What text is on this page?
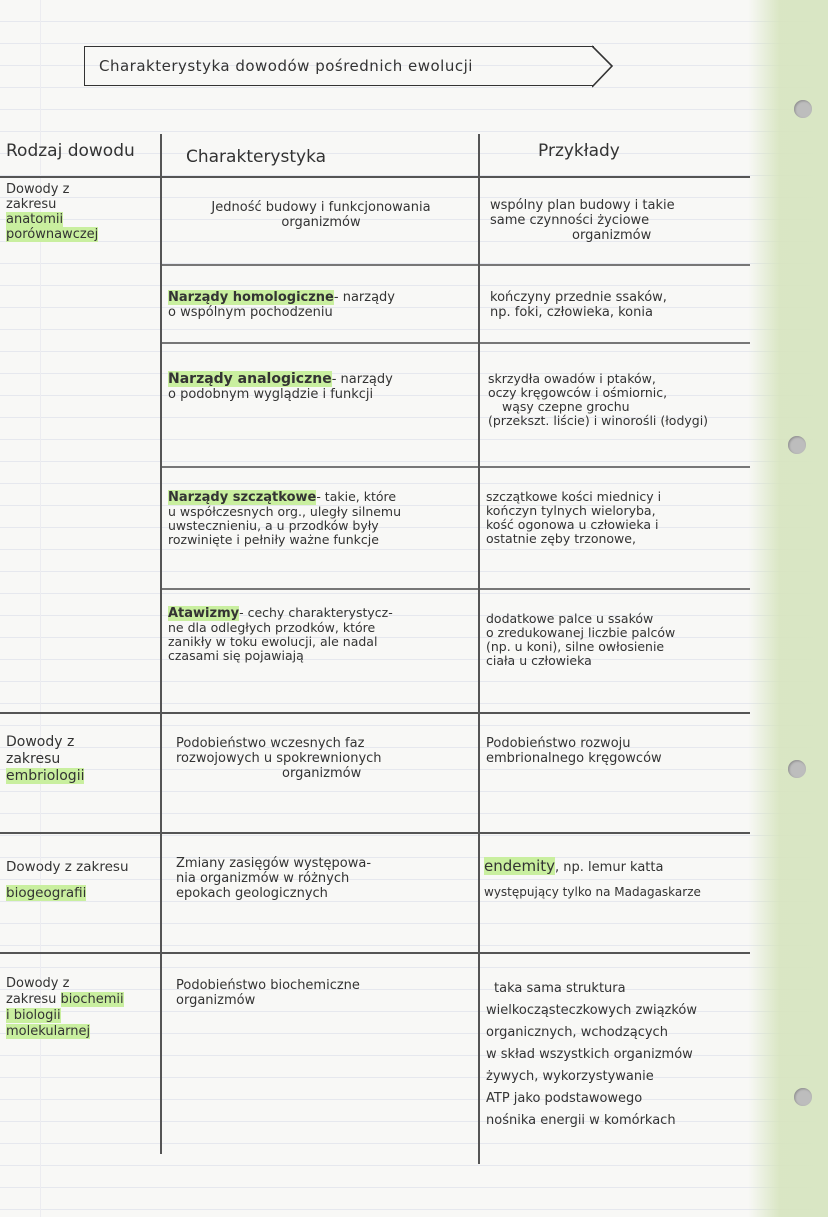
Charakterystyka dowodów pośrednich ewolucji
Rodzaj dowodu	Charakterystyka	Przykłady
Dowody z
zakresu
anatomii
porównawczej
Jedność budowy i funkcjonowania
organizmów
wspólny plan budowy i takie
same czynności życiowe
organizmów
Narządy homologiczne- narządy
o wspólnym pochodzeniu
kończyny przednie ssaków,
np. foki, człowieka, konia
Narządy analogiczne- narządy
o podobnym wyglądzie i funkcji
skrzydła owadów i ptaków,
oczy kręgowców i ośmiornic,
wąsy czepne grochu
(przekszt. liście) i winorośli (łodygi)
Narządy szczątkowe- takie, które
u współczesnych org., uległy silnemu
uwstecznieniu, a u przodków były
rozwinięte i pełniły ważne funkcje
szczątkowe kości miednicy i
kończyn tylnych wieloryba,
kość ogonowa u człowieka i
ostatnie zęby trzonowe,
Atawizmy- cechy charakterystycz-
ne dla odległych przodków, które
zanikły w toku ewolucji, ale nadal
czasami się pojawiają
dodatkowe palce u ssaków
o zredukowanej liczbie palców
(np. u koni), silne owłosienie
ciała u człowieka
Dowody z
zakresu
embriologii
Podobieństwo wczesnych faz
rozwojowych u spokrewnionych
organizmów
Podobieństwo rozwoju
embrionalnego kręgowców
Dowody z zakresu
biogeografii
Zmiany zasięgów występowa-
nia organizmów w różnych
epokach geologicznych
endemity, np. lemur katta
występujący tylko na Madagaskarze
Dowody z
zakresu biochemii
i biologii
molekularnej
Podobieństwo biochemiczne
organizmów
taka sama struktura
wielkocząsteczkowych związków
organicznych, wchodzących
w skład wszystkich organizmów
żywych, wykorzystywanie
ATP jako podstawowego
nośnika energii w komórkach
